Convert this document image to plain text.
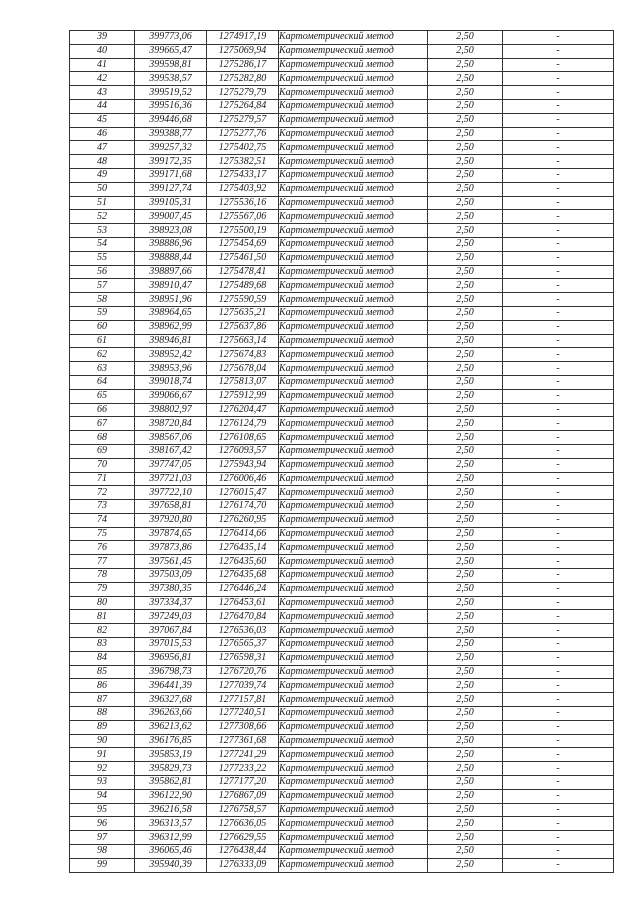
39	399773,06	1274917,19	Картометрический метод	2,50	-
40	399665,47	1275069,94	Картометрический метод	2,50	-
41	399598,81	1275286,17	Картометрический метод	2,50	-
42	399538,57	1275282,80	Картометрический метод	2,50	-
43	399519,52	1275279,79	Картометрический метод	2,50	-
44	399516,36	1275264,84	Картометрический метод	2,50	-
45	399446,68	1275279,57	Картометрический метод	2,50	-
46	399388,77	1275277,76	Картометрический метод	2,50	-
47	399257,32	1275402,75	Картометрический метод	2,50	-
48	399172,35	1275382,51	Картометрический метод	2,50	-
49	399171,68	1275433,17	Картометрический метод	2,50	-
50	399127,74	1275403,92	Картометрический метод	2,50	-
51	399105,31	1275536,16	Картометрический метод	2,50	-
52	399007,45	1275567,06	Картометрический метод	2,50	-
53	398923,08	1275500,19	Картометрический метод	2,50	-
54	398886,96	1275454,69	Картометрический метод	2,50	-
55	398888,44	1275461,50	Картометрический метод	2,50	-
56	398897,66	1275478,41	Картометрический метод	2,50	-
57	398910,47	1275489,68	Картометрический метод	2,50	-
58	398951,96	1275590,59	Картометрический метод	2,50	-
59	398964,65	1275635,21	Картометрический метод	2,50	-
60	398962,99	1275637,86	Картометрический метод	2,50	-
61	398946,81	1275663,14	Картометрический метод	2,50	-
62	398952,42	1275674,83	Картометрический метод	2,50	-
63	398953,96	1275678,04	Картометрический метод	2,50	-
64	399018,74	1275813,07	Картометрический метод	2,50	-
65	399066,67	1275912,99	Картометрический метод	2,50	-
66	398802,97	1276204,47	Картометрический метод	2,50	-
67	398720,84	1276124,79	Картометрический метод	2,50	-
68	398567,06	1276108,65	Картометрический метод	2,50	-
69	398167,42	1276093,57	Картометрический метод	2,50	-
70	397747,05	1275943,94	Картометрический метод	2,50	-
71	397721,03	1276006,46	Картометрический метод	2,50	-
72	397722,10	1276015,47	Картометрический метод	2,50	-
73	397658,81	1276174,70	Картометрический метод	2,50	-
74	397920,80	1276260,95	Картометрический метод	2,50	-
75	397874,65	1276414,66	Картометрический метод	2,50	-
76	397873,86	1276435,14	Картометрический метод	2,50	-
77	397561,45	1276435,60	Картометрический метод	2,50	-
78	397503,09	1276435,68	Картометрический метод	2,50	-
79	397380,35	1276446,24	Картометрический метод	2,50	-
80	397334,37	1276453,61	Картометрический метод	2,50	-
81	397249,03	1276470,84	Картометрический метод	2,50	-
82	397067,84	1276536,03	Картометрический метод	2,50	-
83	397015,53	1276565,37	Картометрический метод	2,50	-
84	396956,81	1276598,31	Картометрический метод	2,50	-
85	396798,73	1276720,76	Картометрический метод	2,50	-
86	396441,39	1277039,74	Картометрический метод	2,50	-
87	396327,68	1277157,81	Картометрический метод	2,50	-
88	396263,66	1277240,51	Картометрический метод	2,50	-
89	396213,62	1277308,66	Картометрический метод	2,50	-
90	396176,85	1277361,68	Картометрический метод	2,50	-
91	395853,19	1277241,29	Картометрический метод	2,50	-
92	395829,73	1277233,22	Картометрический метод	2,50	-
93	395862,81	1277177,20	Картометрический метод	2,50	-
94	396122,90	1276867,09	Картометрический метод	2,50	-
95	396216,58	1276758,57	Картометрический метод	2,50	-
96	396313,57	1276636,05	Картометрический метод	2,50	-
97	396312,99	1276629,55	Картометрический метод	2,50	-
98	396065,46	1276438,44	Картометрический метод	2,50	-
99	395940,39	1276333,09	Картометрический метод	2,50	-
